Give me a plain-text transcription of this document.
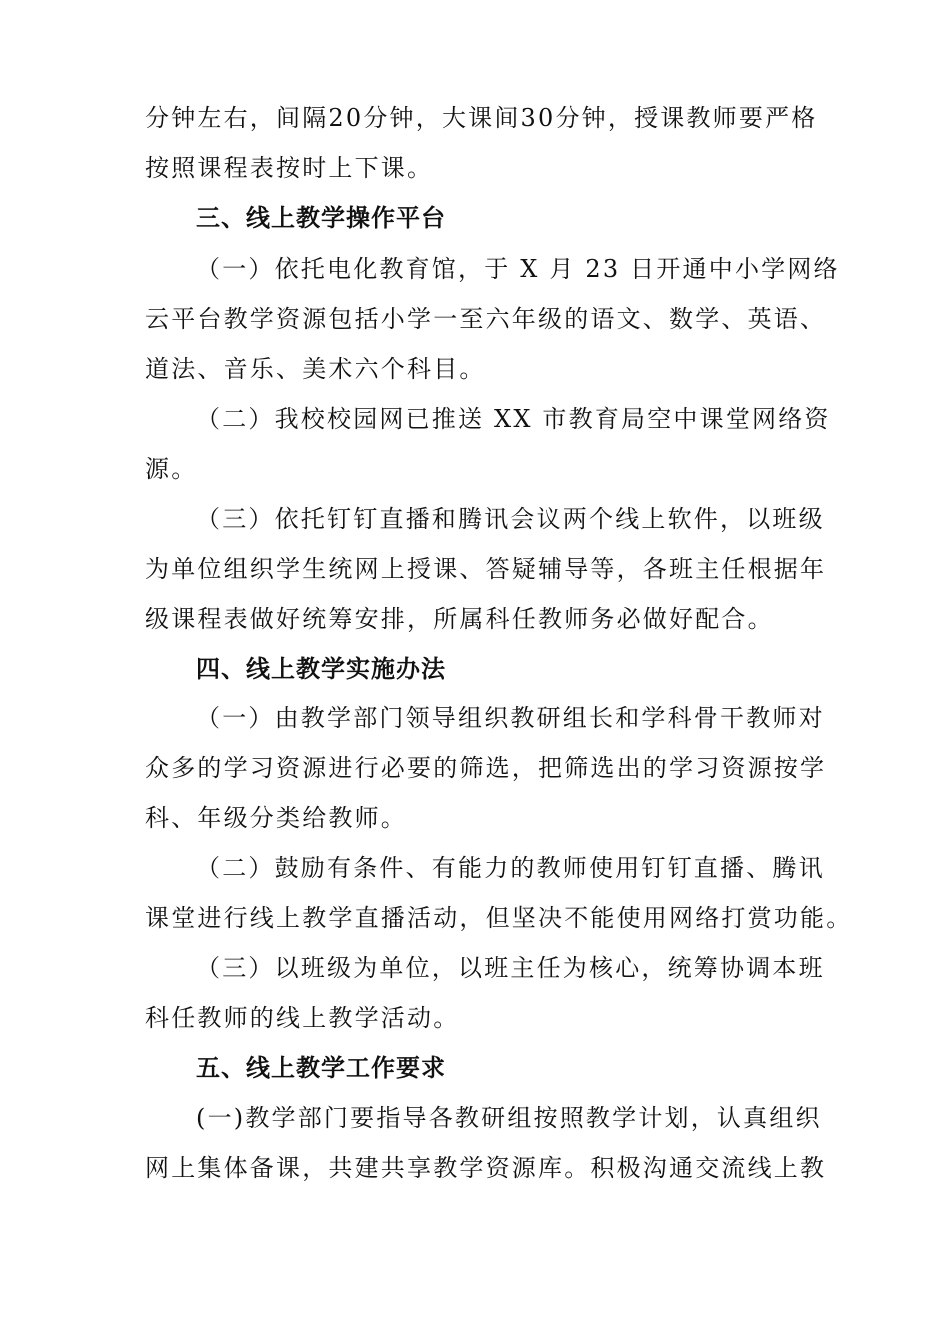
分钟左右，间隔20分钟，大课间30分钟，授课教师要严格
按照课程表按时上下课。
三、线上教学操作平台
（一）依托电化教育馆，于 X 月 23 日开通中小学网络
云平台教学资源包括小学一至六年级的语文、数学、英语、
道法、音乐、美术六个科目。
（二）我校校园网已推送 XX 市教育局空中课堂网络资
源。
（三）依托钉钉直播和腾讯会议两个线上软件，以班级
为单位组织学生统网上授课、答疑辅导等，各班主任根据年
级课程表做好统筹安排，所属科任教师务必做好配合。
四、线上教学实施办法
（一）由教学部门领导组织教研组长和学科骨干教师对
众多的学习资源进行必要的筛选，把筛选出的学习资源按学
科、年级分类给教师。
（二）鼓励有条件、有能力的教师使用钉钉直播、腾讯
课堂进行线上教学直播活动，但坚决不能使用网络打赏功能。
（三）以班级为单位，以班主任为核心，统筹协调本班
科任教师的线上教学活动。
五、线上教学工作要求
(一)教学部门要指导各教研组按照教学计划，认真组织
网上集体备课，共建共享教学资源库。积极沟通交流线上教
